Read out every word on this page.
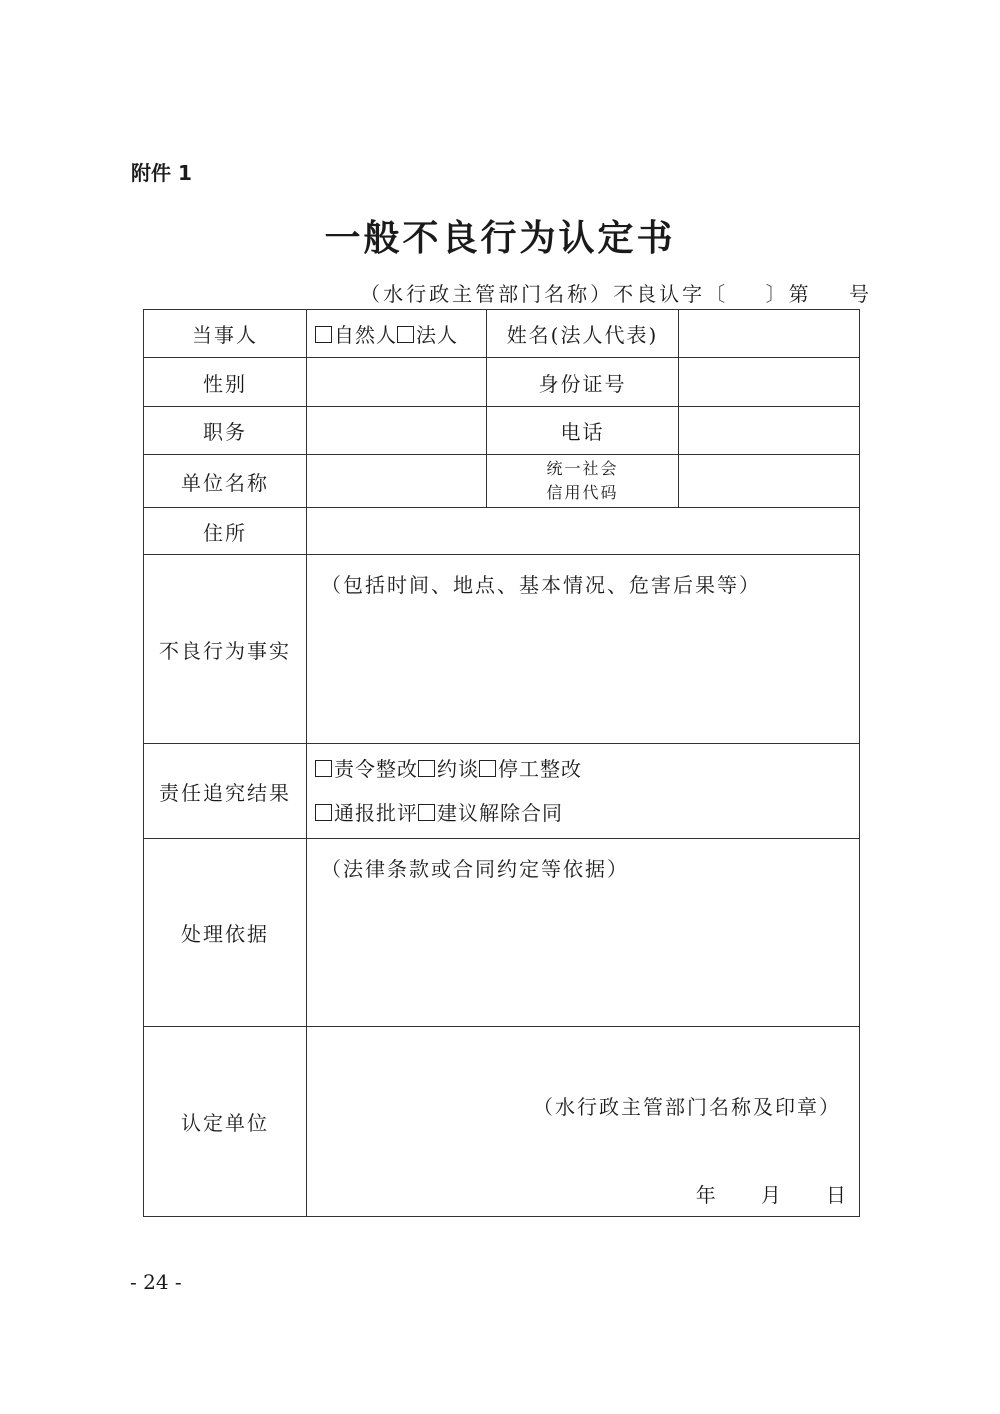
附件 1
一般不良行为认定书
（水行政主管部门名称）不良认字〔    〕第    号
当事人	自然人 法人	姓名(法人代表)	
性别		身份证号	
职务		电话	
单位名称		统一社会
信用代码	

住所			
不良行为事实	（包括时间、地点、基本情况、危害后果等）		
责任追究结果	责令整改 约谈 停工整改
通报批评 建议解除合同		

处理依据	（法律条款或合同约定等依据）		
认定单位	（水行政主管部门名称及印章）
年      月      日		
- 24 -
